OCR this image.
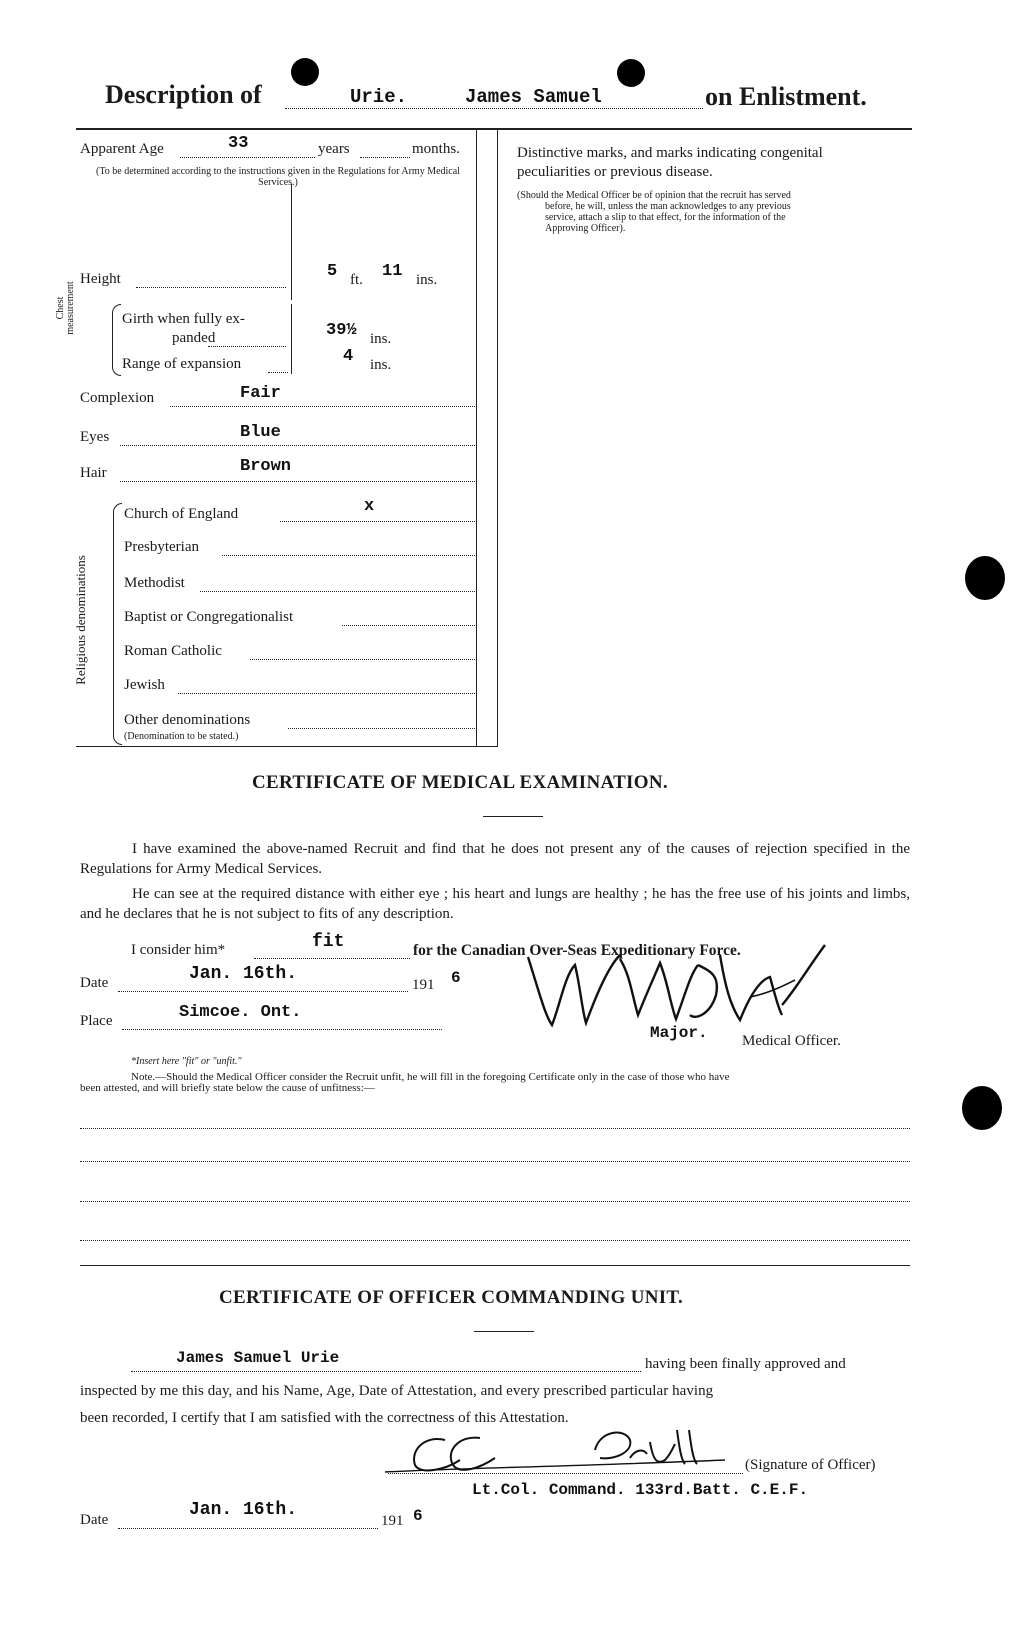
Description of	Urie.	James Samuel	on Enlistment.
Apparent Age	33	years	months.
(To be determined according to the instructions given in the Regulations for Army Medical Services.)
Height	5 ft. 11 ins.
Chest measurement	Girth when fully ex-
panded	39½ ins.
Range of expansion	4 ins.
Complexion	Fair
Eyes	Blue
Hair	Brown
Religious denominations
Church of England	x
Presbyterian
Methodist
Baptist or Congregationalist
Roman Catholic
Jewish
Other denominations
(Denomination to be stated.)
Distinctive marks, and marks indicating congenital
peculiarities or previous disease.
(Should the Medical Officer be of opinion that the recruit has served
before, he will, unless the man acknowledges to any previous
service, attach a slip to that effect, for the information of the
Approving Officer).
CERTIFICATE OF MEDICAL EXAMINATION.
I have examined the above-named Recruit and find that he does not present any of the causes of rejection specified in the Regulations for Army Medical Services.
He can see at the required distance with either eye ; his heart and lungs are healthy ; he has the free use of his joints and limbs, and he declares that he is not subject to fits of any description.
I consider him*	fit	for the Canadian Over-Seas Expeditionary Force.
Date	Jan. 16th.
191 6
Place	Simcoe. Ont.
Major. Medical Officer.
*Insert here "fit" or "unfit."
Note.—Should the Medical Officer consider the Recruit unfit, he will fill in the foregoing Certificate only in the case of those who have
been attested, and will briefly state below the cause of unfitness:—
CERTIFICATE OF OFFICER COMMANDING UNIT.
James Samuel Urie	having been finally approved and
inspected by me this day, and his Name, Age, Date of Attestation, and every prescribed particular having
been recorded, I certify that I am satisfied with the correctness of this Attestation.
(Signature of Officer)
Lt.Col. Command. 133rd.Batt. C.E.F.
Date	Jan. 16th.
191 6
